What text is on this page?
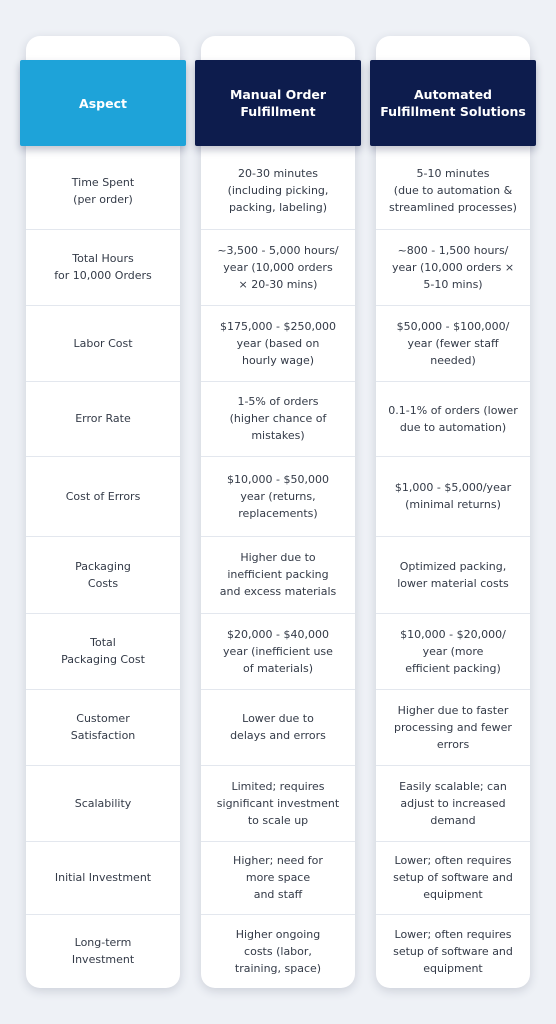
Aspect
Manual Order
Fulfillment
Automated
Fulfillment Solutions
Time Spent
(per order)
20-30 minutes
(including picking,
packing, labeling)
5-10 minutes
(due to automation &
streamlined processes)
Total Hours
for 10,000 Orders
~3,500 - 5,000 hours/
year (10,000 orders
× 20-30 mins)
~800 - 1,500 hours/
year (10,000 orders ×
5-10 mins)
Labor Cost
$175,000 - $250,000
year (based on
hourly wage)
$50,000 - $100,000/
year (fewer staff
needed)
Error Rate
1-5% of orders
(higher chance of
mistakes)
0.1-1% of orders (lower
due to automation)
Cost of Errors
$10,000 - $50,000
year (returns,
replacements)
$1,000 - $5,000/year
(minimal returns)
Packaging
Costs
Higher due to
inefficient packing
and excess materials
Optimized packing,
lower material costs
Total
Packaging Cost
$20,000 - $40,000
year (inefficient use
of materials)
$10,000 - $20,000/
year (more
efficient packing)
Customer
Satisfaction
Lower due to
delays and errors
Higher due to faster
processing and fewer
errors
Scalability
Limited; requires
significant investment
to scale up
Easily scalable; can
adjust to increased
demand
Initial Investment
Higher; need for
more space
and staff
Lower; often requires
setup of software and
equipment
Long-term
Investment
Higher ongoing
costs (labor,
training, space)
Lower; often requires
setup of software and
equipment
